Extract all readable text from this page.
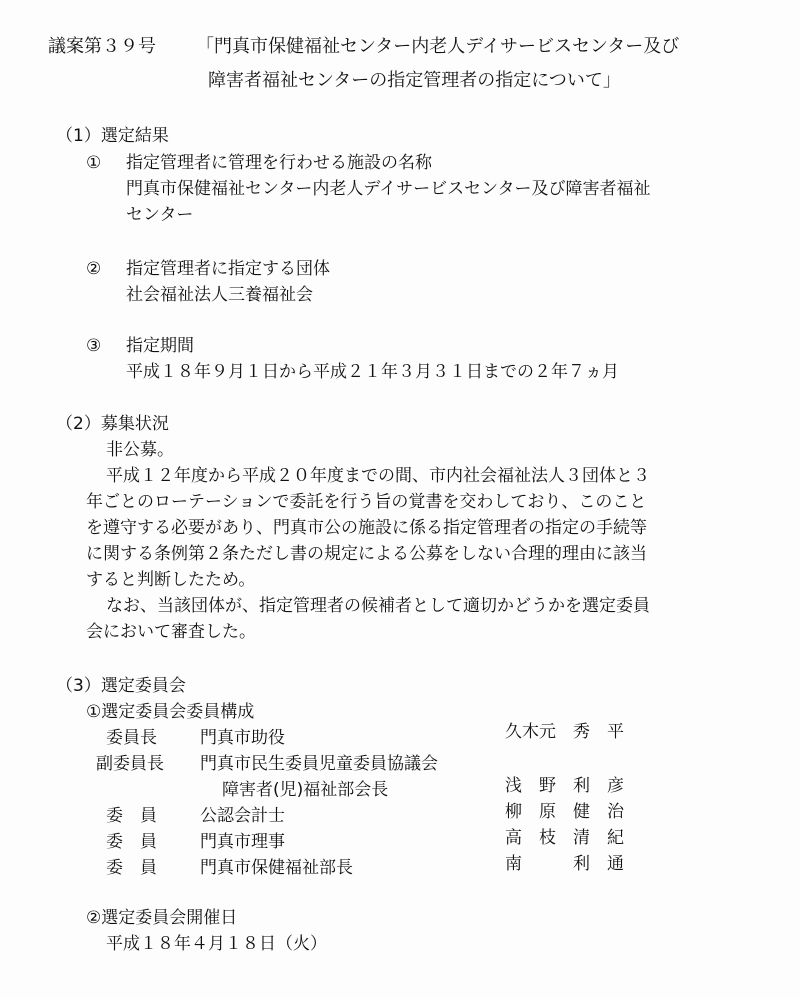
議案第３９号 「門真市保健福祉センター内老人デイサービスセンター及び
障害者福祉センターの指定管理者の指定について」
（1）選定結果
① 指定管理者に管理を行わせる施設の名称
門真市保健福祉センター内老人デイサービスセンター及び障害者福祉
センター
② 指定管理者に指定する団体
社会福祉法人三養福祉会
③ 指定期間
平成１８年９月１日から平成２１年３月３１日までの２年７ヵ月
（2）募集状況
非公募。
平成１２年度から平成２０年度までの間、市内社会福祉法人３団体と３
年ごとのローテーションで委託を行う旨の覚書を交わしており、このこと
を遵守する必要があり、門真市公の施設に係る指定管理者の指定の手続等
に関する条例第２条ただし書の規定による公募をしない合理的理由に該当
すると判断したため。
なお、当該団体が、指定管理者の候補者として適切かどうかを選定委員
会において審査した。
（3）選定委員会
①選定委員会委員構成
委員長	門真市助役	久木元　秀　平
副委員長 門真市民生委員児童委員協議会
障害者(児)福祉部会長	浅　野　利　彦
委　員	公認会計士	柳　原　健　治
委　員	門真市理事	高　枝　清　紀
委　員	門真市保健福祉部長	南　　　利　通
②選定委員会開催日
平成１８年４月１８日（火）
